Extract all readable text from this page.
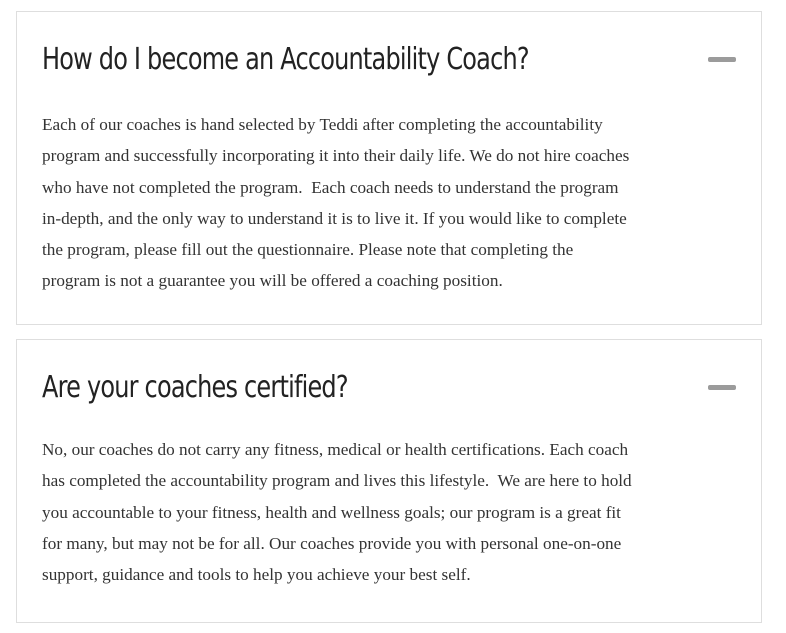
How do I become an Accountability Coach?

Each of our coaches is hand selected by Teddi after completing the accountability
program and successfully incorporating it into their daily life. We do not hire coaches
who have not completed the program.  Each coach needs to understand the program
in-depth, and the only way to understand it is to live it. If you would like to complete
the program, please fill out the questionnaire. Please note that completing the
program is not a guarantee you will be offered a coaching position.

Are your coaches certified?

No, our coaches do not carry any fitness, medical or health certifications. Each coach
has completed the accountability program and lives this lifestyle.  We are here to hold
you accountable to your fitness, health and wellness goals; our program is a great fit
for many, but may not be for all. Our coaches provide you with personal one-on-one
support, guidance and tools to help you achieve your best self.
